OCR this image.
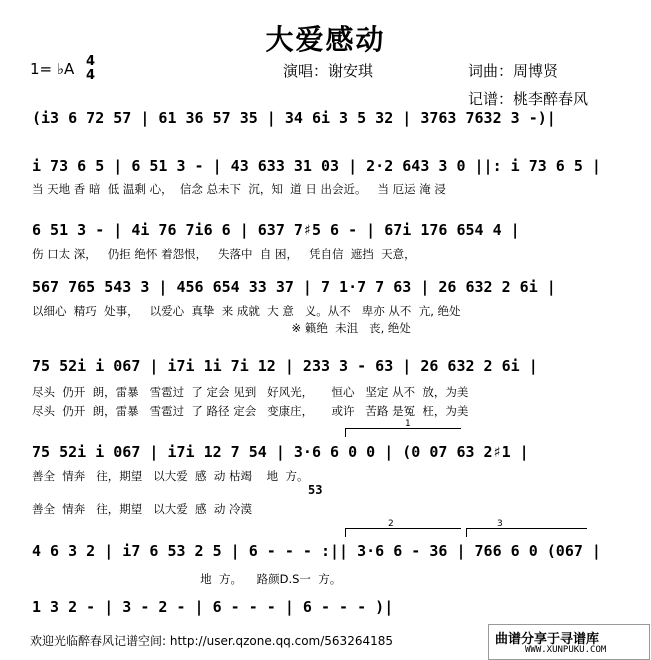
大爱感动
1= ♭A 4
4	演唱：谢安琪	词曲：周博贤
记谱：桃李醉春风
(i3 6 72 57 | 61 36 57 35 | 34 6i 3 5 32 | 3763 7632 3 -)|
i 73 6 5 | 6 51 3 - | 43 633 31 03 | 2·2 643 3 0 ||: i 73 6 5 |
当 天地 香 暗  低 温剩 心，  信念 总未下  沉，知  道 日 出会近。   当 厄运 淹 浸
6 51 3 - | 4i 76 7i6 6 | 637 7♯5 6 - | 67i 176 654 4 |
伤 口太 深，   仍拒 绝怀 着怨恨，   失落中  自 困，   凭自信  遮挡  天意，
567 765 543 3 | 456 654 33 37 | 7 1·7 7 63 | 26 632 2 6i |
以细心  精巧  处事，   以爱心  真挚  来 成就  大 意   义。从不   卑亦 从不  亢, 绝处
※ 籁绝  未沮   丧, 绝处
75 52i i 067 | i7i 1i 7i 12 | 233 3 - 63 | 26 632 2 6i |
尽头  仍开  朗，雷暴   雪雹过  了 定会 见到   好风光，     恒心   坚定 从不  放，为美
尽头  仍开  朗，雷暴   雪雹过  了 路径 定会   变康庄，     或许   苦路 是冤  枉，为美
1
75 52i i 067 | i7i 12 7 54 | 3·6 6 0 0 | (0 07 63 2♯1 |
善全  情奔   往，期望   以大爱  感  动 枯竭    地  方。
53
善全  情奔   往，期望   以大爱  感  动 冷漠
2	3
4 6 3 2 | i7 6 53 2 5 | 6 - - - :|| 3·6 6 - 36 | 766 6 0 (067 |
地  方。    路颜D.S一  方。
1 3 2 - | 3 - 2 - | 6 - - - | 6 - - - )|
欢迎光临醉春风记谱空间: http://user.qzone.qq.com/563264185	曲谱分享于寻谱库
WWW.XUNPUKU.COM
